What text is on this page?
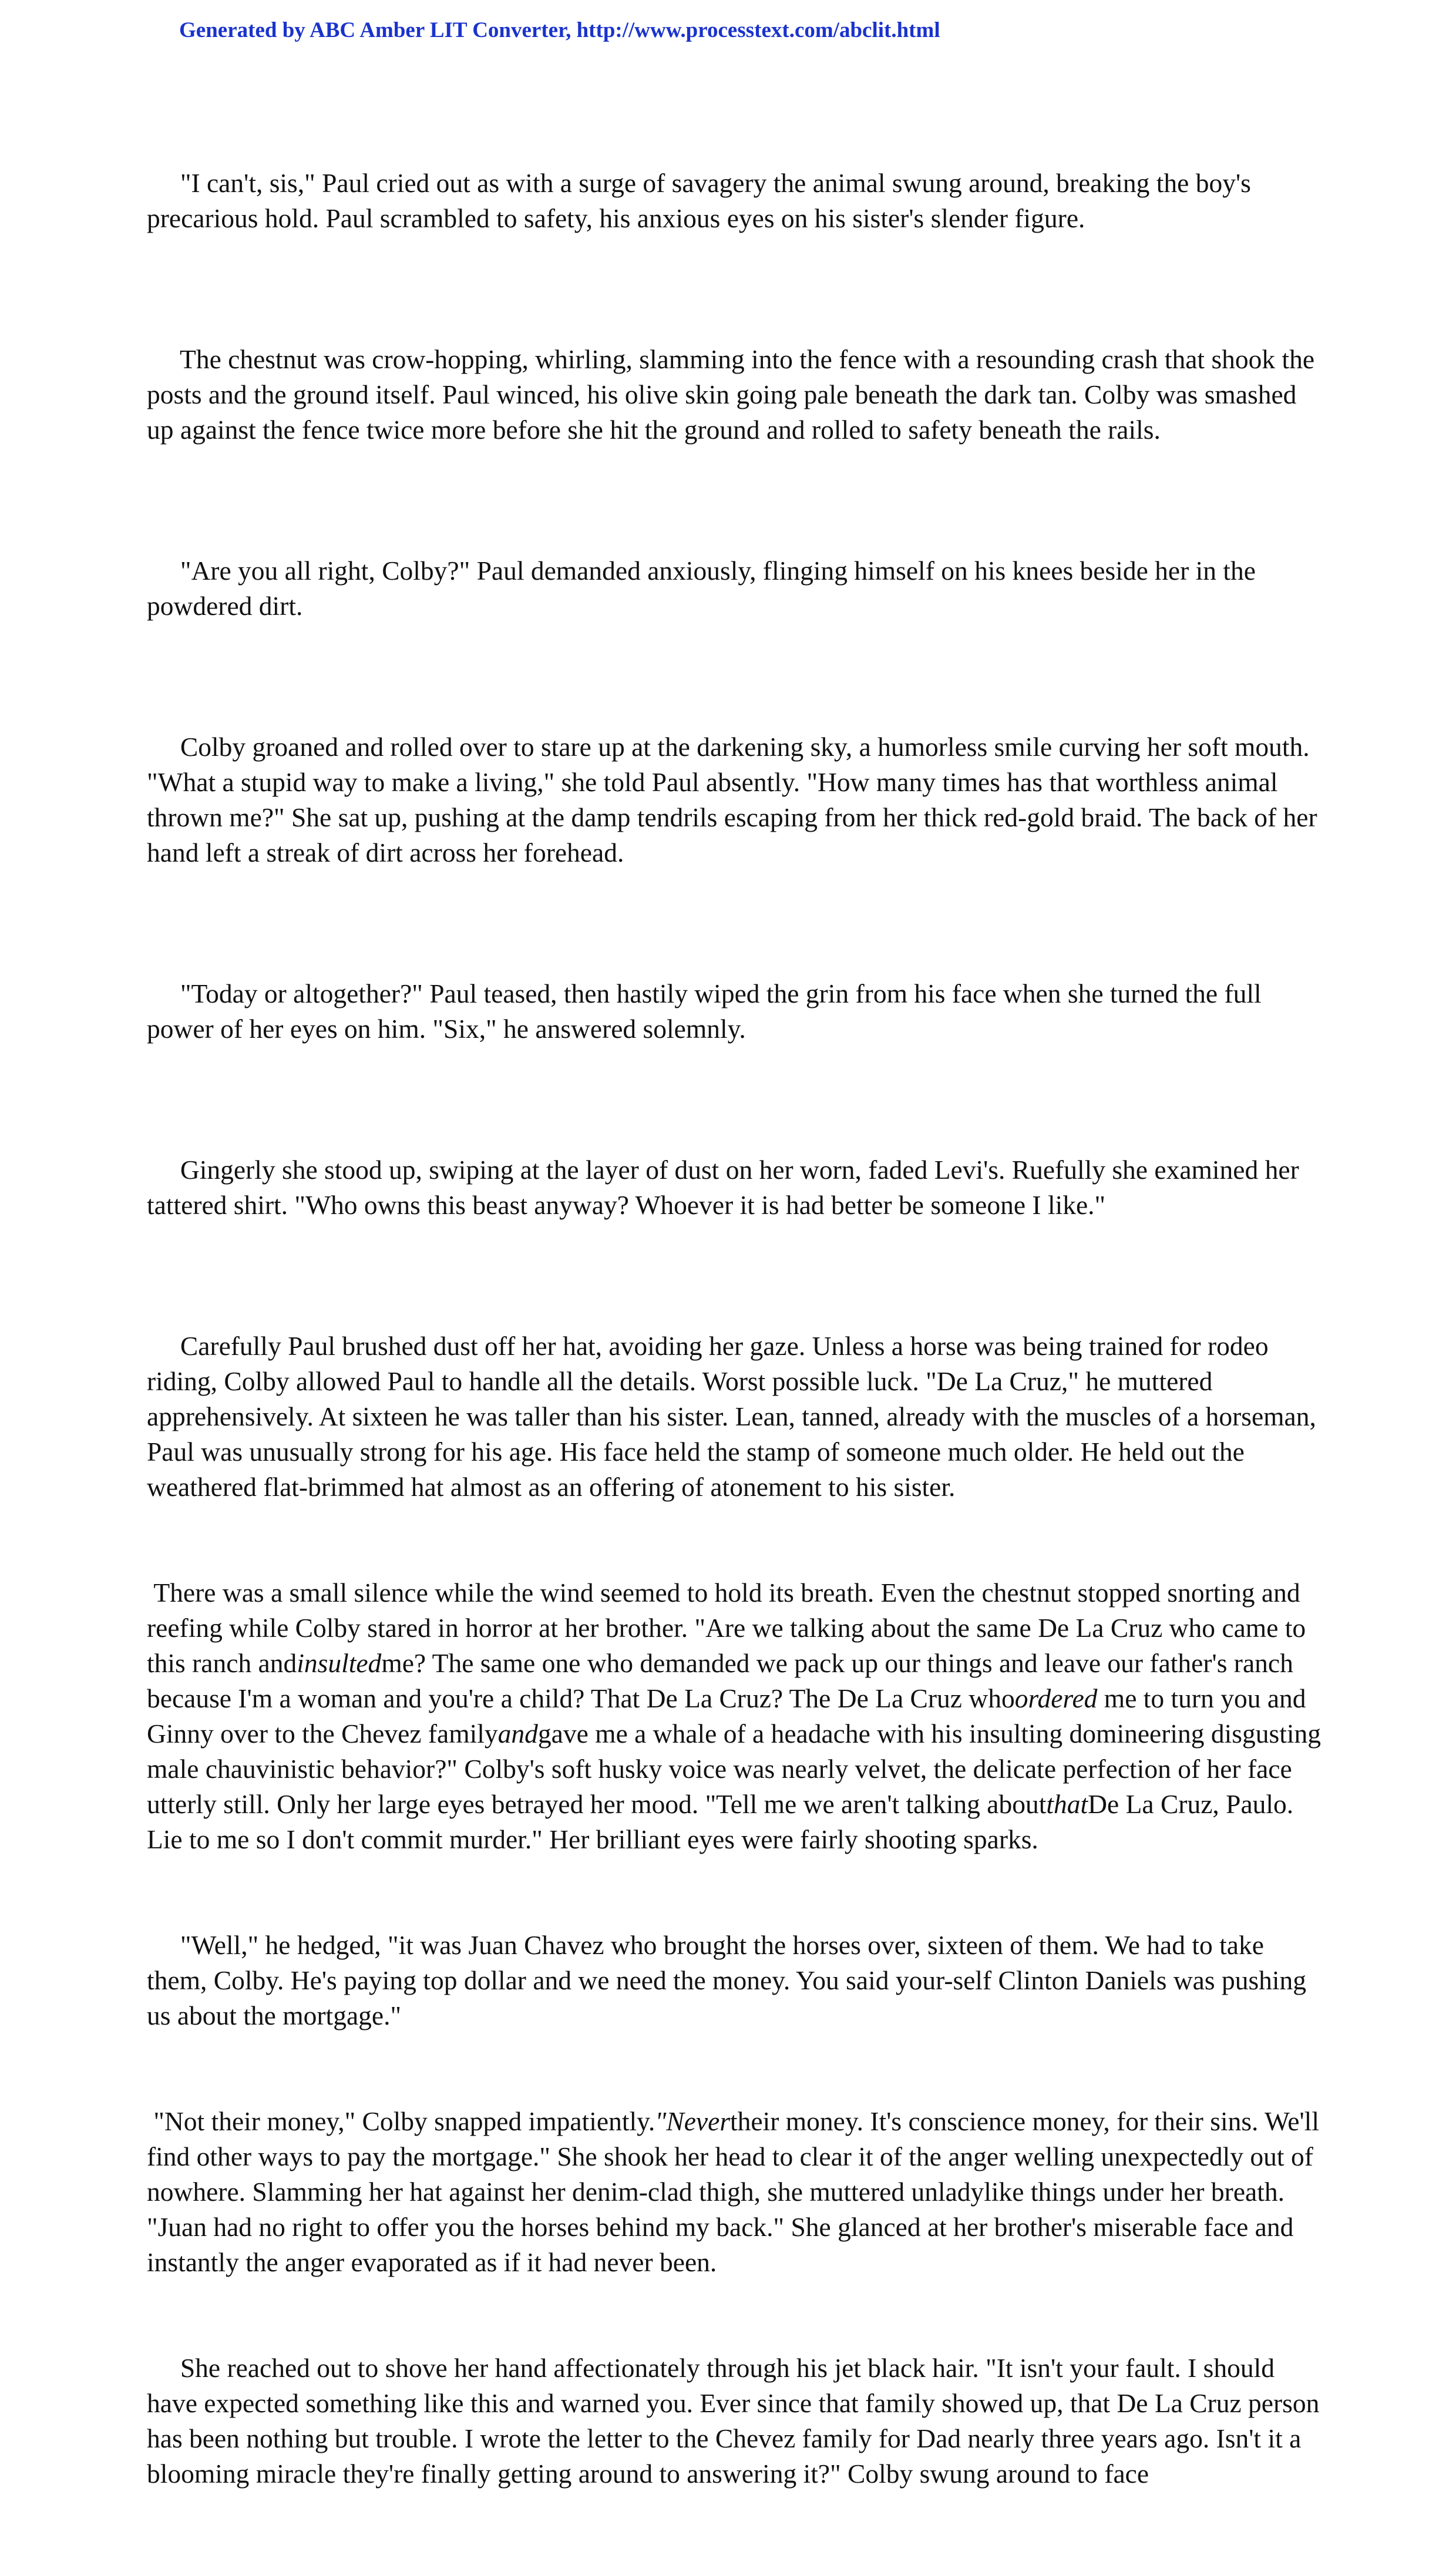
Generated by ABC Amber LIT Converter, http://www.processtext.com/abclit.html

"I can't, sis," Paul cried out as with a surge of savagery the animal swung around, breaking the boy's precarious hold. Paul scrambled to safety, his anxious eyes on his sister's slender figure.

The chestnut was crow-hopping, whirling, slamming into the fence with a resounding crash that shook the posts and the ground itself. Paul winced, his olive skin going pale beneath the dark tan. Colby was smashed up against the fence twice more before she hit the ground and rolled to safety beneath the rails.

"Are you all right, Colby?" Paul demanded anxiously, flinging himself on his knees beside her in the powdered dirt.

Colby groaned and rolled over to stare up at the darkening sky, a humorless smile curving her soft mouth. "What a stupid way to make a living," she told Paul absently. "How many times has that worthless animal thrown me?" She sat up, pushing at the damp tendrils escaping from her thick red-gold braid. The back of her hand left a streak of dirt across her forehead.

"Today or altogether?" Paul teased, then hastily wiped the grin from his face when she turned the full power of her eyes on him. "Six," he answered solemnly.

Gingerly she stood up, swiping at the layer of dust on her worn, faded Levi's. Ruefully she examined her tattered shirt. "Who owns this beast anyway? Whoever it is had better be someone I like."

Carefully Paul brushed dust off her hat, avoiding her gaze. Unless a horse was being trained for rodeo riding, Colby allowed Paul to handle all the details. Worst possible luck. "De La Cruz," he muttered apprehensively. At sixteen he was taller than his sister. Lean, tanned, already with the muscles of a horseman, Paul was unusually strong for his age. His face held the stamp of someone much older. He held out the weathered flat-brimmed hat almost as an offering of atonement to his sister.

There was a small silence while the wind seemed to hold its breath. Even the chestnut stopped snorting and reefing while Colby stared in horror at her brother. "Are we talking about the same De La Cruz who came to this ranch andinsultedme? The same one who demanded we pack up our things and leave our father's ranch because I'm a woman and you're a child? That De La Cruz? The De La Cruz whoordered me to turn you and Ginny over to the Chevez familyandgave me a whale of a headache with his insulting domineering disgusting male chauvinistic behavior?" Colby's soft husky voice was nearly velvet, the delicate perfection of her face utterly still. Only her large eyes betrayed her mood. "Tell me we aren't talking aboutthatDe La Cruz, Paulo. Lie to me so I don't commit murder." Her brilliant eyes were fairly shooting sparks.

"Well," he hedged, "it was Juan Chavez who brought the horses over, sixteen of them. We had to take them, Colby. He's paying top dollar and we need the money. You said your-self Clinton Daniels was pushing us about the mortgage."

"Not their money," Colby snapped impatiently."Nevertheir money. It's conscience money, for their sins. We'll find other ways to pay the mortgage." She shook her head to clear it of the anger welling unexpectedly out of nowhere. Slamming her hat against her denim-clad thigh, she muttered unladylike things under her breath. "Juan had no right to offer you the horses behind my back." She glanced at her brother's miserable face and instantly the anger evaporated as if it had never been.

She reached out to shove her hand affectionately through his jet black hair. "It isn't your fault. I should have expected something like this and warned you. Ever since that family showed up, that De La Cruz person has been nothing but trouble. I wrote the letter to the Chevez family for Dad nearly three years ago. Isn't it a blooming miracle they're finally getting around to answering it?" Colby swung around to face
